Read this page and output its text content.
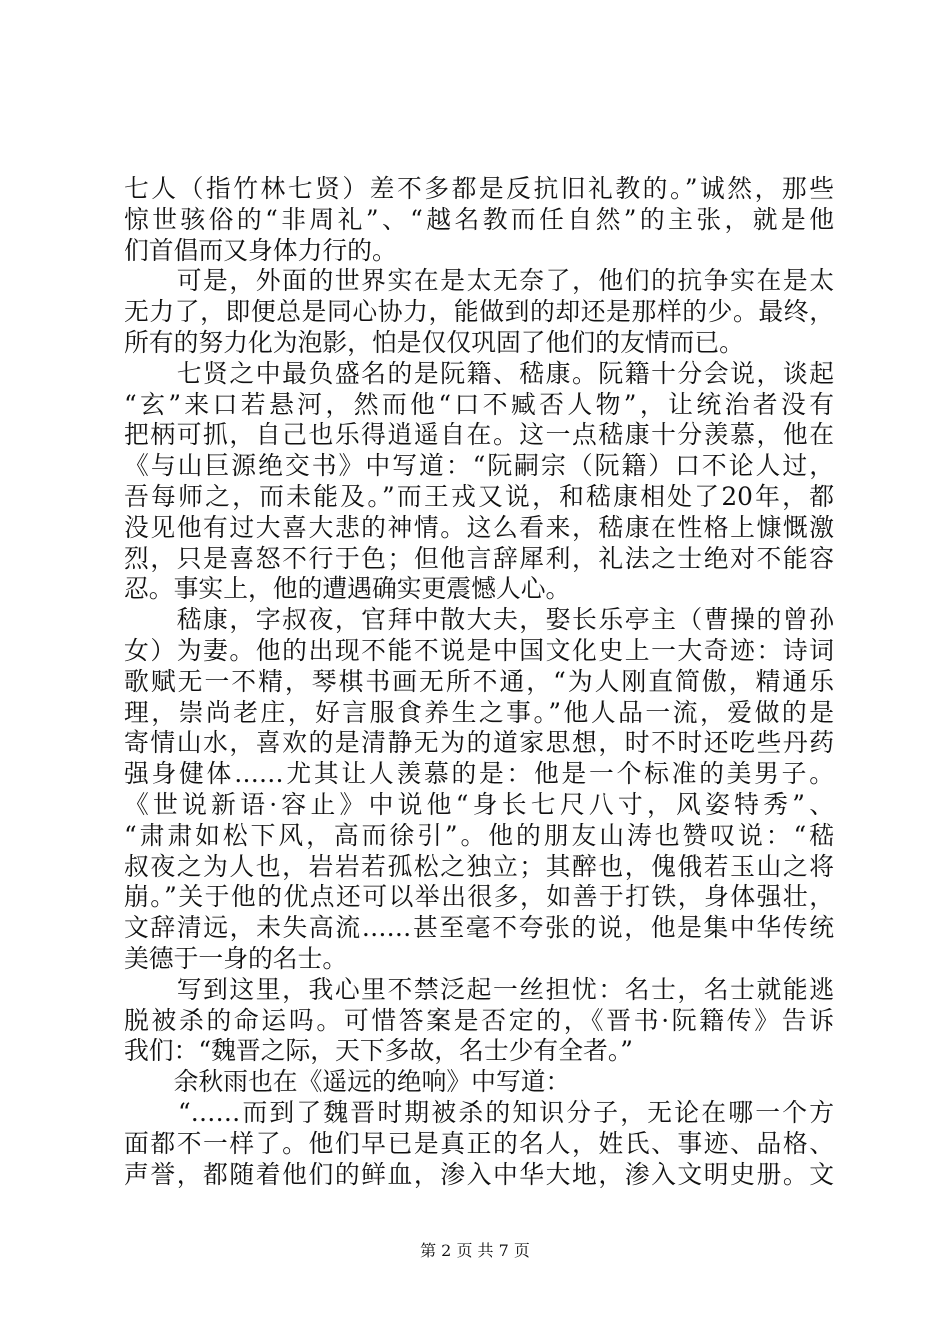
七人（指竹林七贤）差不多都是反抗旧礼教的。”诚然，那些
惊世骇俗的“非周礼”、“越名教而任自然”的主张，就是他
们首倡而又身体力行的。
　　可是，外面的世界实在是太无奈了，他们的抗争实在是太
无力了，即便总是同心协力，能做到的却还是那样的少。最终，
所有的努力化为泡影，怕是仅仅巩固了他们的友情而已。
　　七贤之中最负盛名的是阮籍、嵇康。阮籍十分会说，谈起
“玄”来口若悬河，然而他“口不臧否人物”，让统治者没有
把柄可抓，自己也乐得逍遥自在。这一点嵇康十分羡慕，他在
《与山巨源绝交书》中写道：“阮嗣宗（阮籍）口不论人过，
吾每师之，而未能及。”而王戎又说，和嵇康相处了20年，都
没见他有过大喜大悲的神情。这么看来，嵇康在性格上慷慨激
烈，只是喜怒不行于色；但他言辞犀利，礼法之士绝对不能容
忍。事实上，他的遭遇确实更震憾人心。
　　嵇康，字叔夜，官拜中散大夫，娶长乐亭主（曹操的曾孙
女）为妻。他的出现不能不说是中国文化史上一大奇迹：诗词
歌赋无一不精，琴棋书画无所不通，“为人刚直简傲，精通乐
理，崇尚老庄，好言服食养生之事。”他人品一流，爱做的是
寄情山水，喜欢的是清静无为的道家思想，时不时还吃些丹药
强身健体……尤其让人羡慕的是：他是一个标准的美男子。
《世说新语·容止》中说他“身长七尺八寸，风姿特秀”、
“肃肃如松下风，高而徐引”。他的朋友山涛也赞叹说：“嵇
叔夜之为人也，岩岩若孤松之独立；其醉也，傀俄若玉山之将
崩。”关于他的优点还可以举出很多，如善于打铁，身体强壮，
文辞清远，未失高流……甚至毫不夸张的说，他是集中华传统
美德于一身的名士。
　　写到这里，我心里不禁泛起一丝担忧：名士，名士就能逃
脱被杀的命运吗。可惜答案是否定的，《晋书·阮籍传》告诉
我们：“魏晋之际，天下多故，名士少有全者。”
　　余秋雨也在《遥远的绝响》中写道：
　　“……而到了魏晋时期被杀的知识分子，无论在哪一个方
面都不一样了。他们早已是真正的名人，姓氏、事迹、品格、
声誉，都随着他们的鲜血，渗入中华大地，渗入文明史册。文
第 2 页 共 7 页
